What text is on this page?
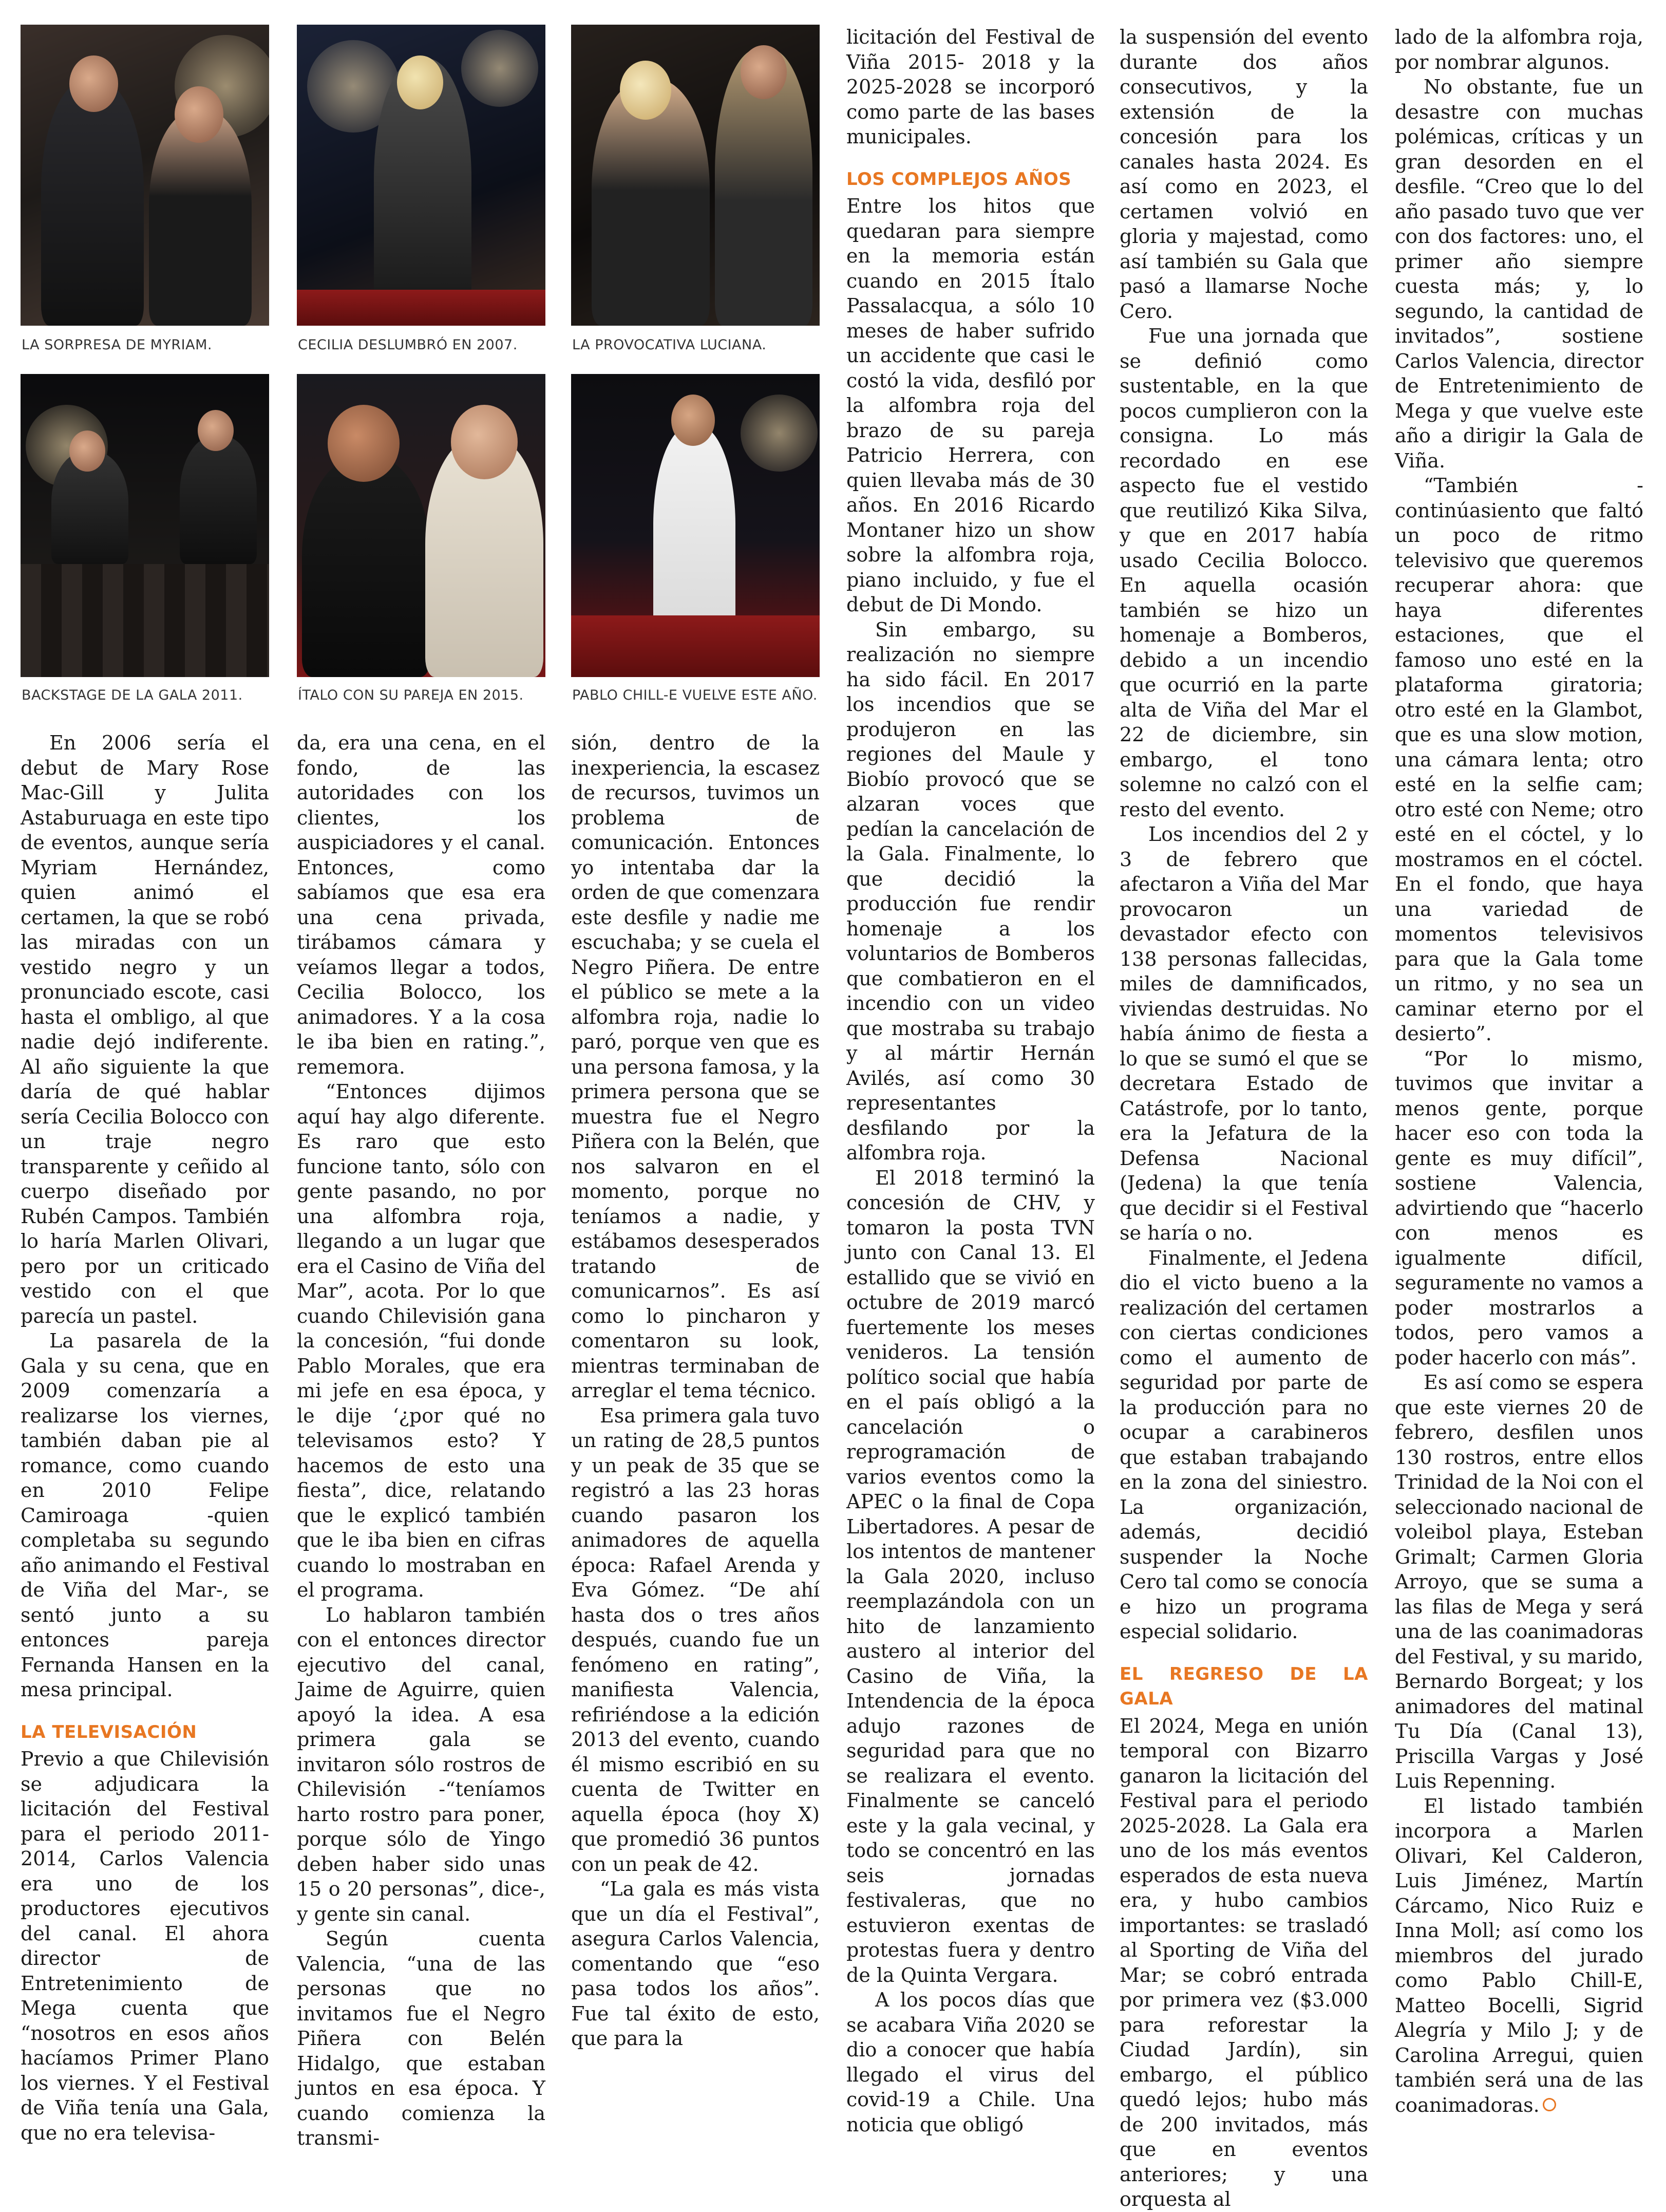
LA SORPRESA DE MYRIAM.	CECILIA DESLUMBRÓ EN 2007.	LA PROVOCATIVA LUCIANA.
BACKSTAGE DE LA GALA 2011.	ÍTALO CON SU PAREJA EN 2015.	PABLO CHILL-E VUELVE ESTE AÑO.

En 2006 sería el debut de Mary Rose Mac-Gill y Julita Astaburuaga en este tipo de eventos, aunque sería Myriam Hernández, quien animó el certamen, la que se robó las miradas con un vestido negro y un pronunciado escote, casi hasta el ombligo, al que nadie dejó indiferente. Al año siguiente la que daría de qué hablar sería Cecilia Bolocco con un traje negro transparente y ceñido al cuerpo diseñado por Rubén Campos. También lo haría Marlen Olivari, pero por un criticado vestido con el que parecía un pastel.

La pasarela de la Gala y su cena, que en 2009 comenzaría a realizarse los viernes, también daban pie al romance, como cuando en 2010 Felipe Camiroaga -quien completaba su segundo año animando el Festival de Viña del Mar-, se sentó junto a su entonces pareja Fernanda Hansen en la mesa principal.

LA TELEVISACIÓN

Previo a que Chilevisión se adjudicara la licitación del Festival para el periodo 2011- 2014, Carlos Valencia era uno de los productores ejecutivos del canal. El ahora director de Entretenimiento de Mega cuenta que “nosotros en esos años hacíamos Primer Plano los viernes. Y el Festival de Viña tenía una Gala, que no era televisa-

da, era una cena, en el fondo, de las autoridades con los clientes, los auspiciadores y el canal. Entonces, como sabíamos que esa era una cena privada, tirábamos cámara y veíamos llegar a todos, Cecilia Bolocco, los animadores. Y a la cosa le iba bien en rating.”, rememora.

“Entonces dijimos aquí hay algo diferente. Es raro que esto funcione tanto, sólo con gente pasando, no por una alfombra roja, llegando a un lugar que era el Casino de Viña del Mar”, acota. Por lo que cuando Chilevisión gana la concesión, “fui donde Pablo Morales, que era mi jefe en esa época, y le dije ‘¿por qué no televisamos esto? Y hacemos de esto una fiesta”, dice, relatando que le explicó también que le iba bien en cifras cuando lo mostraban en el programa.

Lo hablaron también con el entonces director ejecutivo del canal, Jaime de Aguirre, quien apoyó la idea. A esa primera gala se invitaron sólo rostros de Chilevisión -“teníamos harto rostro para poner, porque sólo de Yingo deben haber sido unas 15 o 20 personas”, dice-, y gente sin canal.

Según cuenta Valencia, “una de las personas que no invitamos fue el Negro Piñera con Belén Hidalgo, que estaban juntos en esa época. Y cuando comienza la transmi-

sión, dentro de la inexperiencia, la escasez de recursos, tuvimos un problema de comunicación. Entonces yo intentaba dar la orden de que comenzara este desfile y nadie me escuchaba; y se cuela el Negro Piñera. De entre el público se mete a la alfombra roja, nadie lo paró, porque ven que es una persona famosa, y la primera persona que se muestra fue el Negro Piñera con la Belén, que nos salvaron en el momento, porque no teníamos a nadie, y estábamos desesperados tratando de comunicarnos”. Es así como lo pincharon y comentaron su look, mientras terminaban de arreglar el tema técnico.

Esa primera gala tuvo un rating de 28,5 puntos y un peak de 35 que se registró a las 23 horas cuando pasaron los animadores de aquella época: Rafael Arenda y Eva Gómez. “De ahí hasta dos o tres años después, cuando fue un fenómeno en rating”, manifiesta Valencia, refiriéndose a la edición 2013 del evento, cuando él mismo escribió en su cuenta de Twitter en aquella época (hoy X) que promedió 36 puntos con un peak de 42.

“La gala es más vista que un día el Festival”, asegura Carlos Valencia, comentando que “eso pasa todos los años”. Fue tal éxito de esto, que para la

licitación del Festival de Viña 2015- 2018 y la 2025-2028 se incorporó como parte de las bases municipales.

LOS COMPLEJOS AÑOS

Entre los hitos que quedaran para siempre en la memoria están cuando en 2015 Ítalo Passalacqua, a sólo 10 meses de haber sufrido un accidente que casi le costó la vida, desfiló por la alfombra roja del brazo de su pareja Patricio Herrera, con quien llevaba más de 30 años. En 2016 Ricardo Montaner hizo un show sobre la alfombra roja, piano incluido, y fue el debut de Di Mondo.

Sin embargo, su realización no siempre ha sido fácil. En 2017 los incendios que se produjeron en las regiones del Maule y Biobío provocó que se alzaran voces que pedían la cancelación de la Gala. Finalmente, lo que decidió la producción fue rendir homenaje a los voluntarios de Bomberos que combatieron en el incendio con un video que mostraba su trabajo y al mártir Hernán Avilés, así como 30 representantes desfilando por la alfombra roja.

El 2018 terminó la concesión de CHV, y tomaron la posta TVN junto con Canal 13. El estallido que se vivió en octubre de 2019 marcó fuertemente los meses venideros. La tensión político social que había en el país obligó a la cancelación o reprogramación de varios eventos como la APEC o la final de Copa Libertadores. A pesar de los intentos de mantener la Gala 2020, incluso reemplazándola con un hito de lanzamiento austero al interior del Casino de Viña, la Intendencia de la época adujo razones de seguridad para que no se realizara el evento. Finalmente se canceló este y la gala vecinal, y todo se concentró en las seis jornadas festivaleras, que no estuvieron exentas de protestas fuera y dentro de la Quinta Vergara.

A los pocos días que se acabara Viña 2020 se dio a conocer que había llegado el virus del covid-19 a Chile. Una noticia que obligó

la suspensión del evento durante dos años consecutivos, y la extensión de la concesión para los canales hasta 2024. Es así como en 2023, el certamen volvió en gloria y majestad, como así también su Gala que pasó a llamarse Noche Cero.

Fue una jornada que se definió como sustentable, en la que pocos cumplieron con la consigna. Lo más recordado en ese aspecto fue el vestido que reutilizó Kika Silva, y que en 2017 había usado Cecilia Bolocco. En aquella ocasión también se hizo un homenaje a Bomberos, debido a un incendio que ocurrió en la parte alta de Viña del Mar el 22 de diciembre, sin embargo, el tono solemne no calzó con el resto del evento.

Los incendios del 2 y 3 de febrero que afectaron a Viña del Mar provocaron un devastador efecto con 138 personas fallecidas, miles de damnificados, viviendas destruidas. No había ánimo de fiesta a lo que se sumó el que se decretara Estado de Catástrofe, por lo tanto, era la Jefatura de la Defensa Nacional (Jedena) la que tenía que decidir si el Festival se haría o no.

Finalmente, el Jedena dio el victo bueno a la realización del certamen con ciertas condiciones como el aumento de seguridad por parte de la producción para no ocupar a carabineros que estaban trabajando en la zona del siniestro. La organización, además, decidió suspender la Noche Cero tal como se conocía e hizo un programa especial solidario.

EL REGRESO DE LA GALA

El 2024, Mega en unión temporal con Bizarro ganaron la licitación del Festival para el periodo 2025-2028. La Gala era uno de los más eventos esperados de esta nueva era, y hubo cambios importantes: se trasladó al Sporting de Viña del Mar; se cobró entrada por primera vez ($3.000 para reforestar la Ciudad Jardín), sin embargo, el público quedó lejos; hubo más de 200 invitados, más que en eventos anteriores; y una orquesta al

lado de la alfombra roja, por nombrar algunos.

No obstante, fue un desastre con muchas polémicas, críticas y un gran desorden en el desfile. “Creo que lo del año pasado tuvo que ver con dos factores: uno, el primer año siempre cuesta más; y, lo segundo, la cantidad de invitados”, sostiene Carlos Valencia, director de Entretenimiento de Mega y que vuelve este año a dirigir la Gala de Viña.

“También -continúasiento que faltó un poco de ritmo televisivo que queremos recuperar ahora: que haya diferentes estaciones, que el famoso uno esté en la plataforma giratoria; otro esté en la Glambot, que es una slow motion, una cámara lenta; otro esté en la selfie cam; otro esté con Neme; otro esté en el cóctel, y lo mostramos en el cóctel. En el fondo, que haya una variedad de momentos televisivos para que la Gala tome un ritmo, y no sea un caminar eterno por el desierto”.

“Por lo mismo, tuvimos que invitar a menos gente, porque hacer eso con toda la gente es muy difícil”, sostiene Valencia, advirtiendo que “hacerlo con menos es igualmente difícil, seguramente no vamos a poder mostrarlos a todos, pero vamos a poder hacerlo con más”.

Es así como se espera que este viernes 20 de febrero, desfilen unos 130 rostros, entre ellos Trinidad de la Noi con el seleccionado nacional de voleibol playa, Esteban Grimalt; Carmen Gloria Arroyo, que se suma a las filas de Mega y será una de las coanimadoras del Festival, y su marido, Bernardo Borgeat; y los animadores del matinal Tu Día (Canal 13), Priscilla Vargas y José Luis Repenning.

El listado también incorpora a Marlen Olivari, Kel Calderon, Luis Jiménez, Martín Cárcamo, Nico Ruiz e Inna Moll; así como los miembros del jurado como Pablo Chill-E, Matteo Bocelli, Sigrid Alegría y Milo J; y de Carolina Arregui, quien también será una de las coanimadoras.
